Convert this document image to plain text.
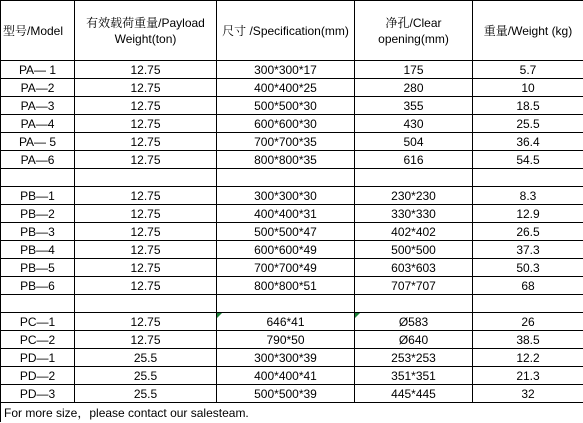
型号/Model	有效载荷重量/Payload Weight(ton)	尺寸 /Specification(mm)	净孔/Clear opening(mm)	重量/Weight (kg)
PA— 1	12.75	300*300*17	175	5.7
PA—2	12.75	400*400*25	280	10
PA—3	12.75	500*500*30	355	18.5
PA—4	12.75	600*600*30	430	25.5
PA— 5	12.75	700*700*35	504	36.4
PA—6	12.75	800*800*35	616	54.5

PB—1	12.75	300*300*30	230*230	8.3
PB—2	12.75	400*400*31	330*330	12.9
PB—3	12.75	500*500*47	402*402	26.5
PB—4	12.75	600*600*49	500*500	37.3
PB—5	12.75	700*700*49	603*603	50.3
PB—6	12.75	800*800*51	707*707	68

PC—1	12.75	646*41	Ø583	26
PC—2	12.75	790*50	Ø640	38.5
PD—1	25.5	300*300*39	253*253	12.2
PD—2	25.5	400*400*41	351*351	21.3
PD—3	25.5	500*500*39	445*445	32
For more size，please contact our salesteam.				
